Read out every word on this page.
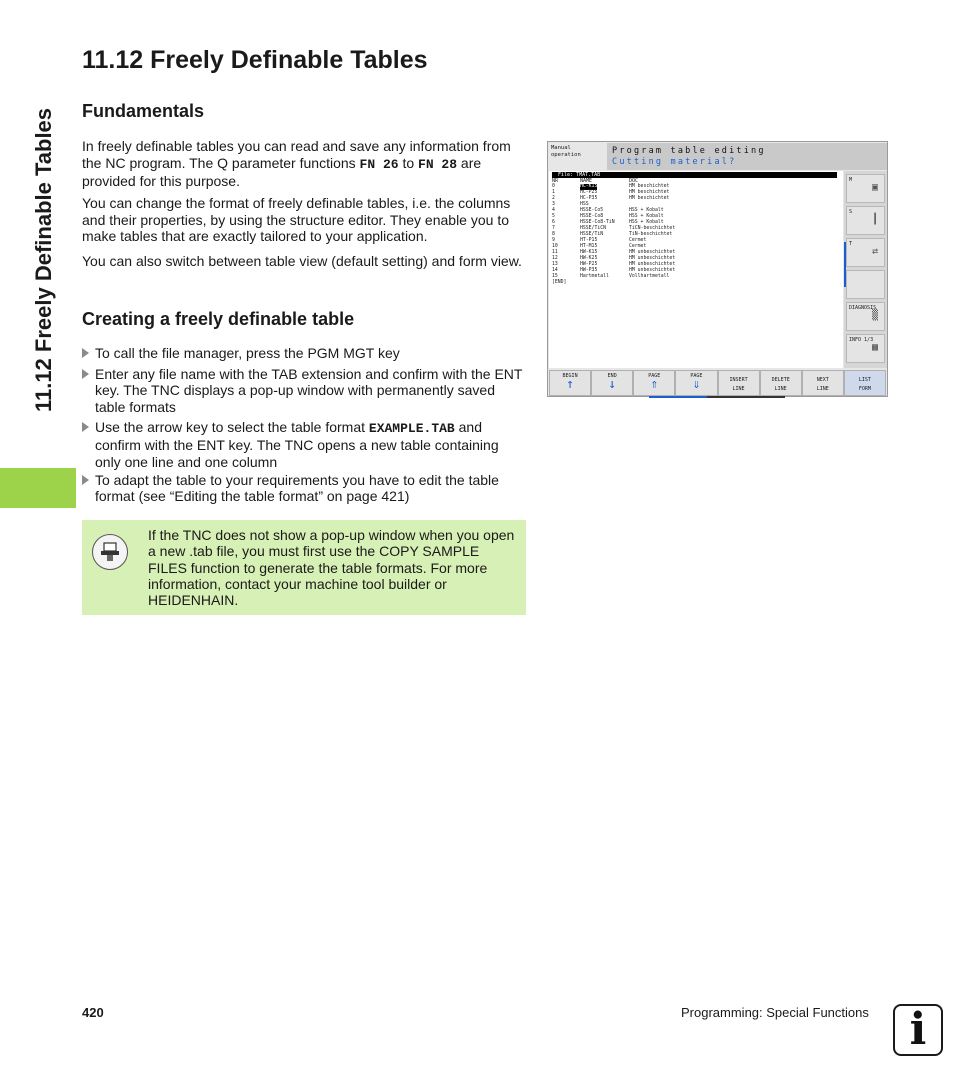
11.12 Freely Definable Tables
11.12 Freely Definable Tables
Fundamentals
In freely definable tables you can read and save any information from the NC program. The Q parameter functions FN 26 to FN 28 are provided for this purpose.
You can change the format of freely definable tables, i.e. the columns and their properties, by using the structure editor. They enable you to make tables that are exactly tailored to your application.
You can also switch between table view (default setting) and form view.
Creating a freely definable table
To call the file manager, press the PGM MGT key
Enter any file name with the TAB extension and confirm with the ENT key. The TNC displays a pop-up window with permanently saved table formats
Use the arrow key to select the table format EXAMPLE.TAB and confirm with the ENT key. The TNC opens a new table containing only one line and one column
To adapt the table to your requirements you have to edit the table format (see “Editing the table format” on page 421)
If the TNC does not show a pop-up window when you open a new .tab file, you must first use the COPY SAMPLE FILES function to generate the table formats. For more information, contact your machine tool builder or HEIDENHAIN.
Manual
operation	Program table editing
Cutting material?
File: TMAT.TAB
NR	NAME	DOC
0	HC-K15	HM beschichtet
1	HC-P25	HM beschichtet
2	HC-P35	HM beschichtet
3	HSS
4	HSSE-Co5	HSS + Kobalt
5	HSSE-Co8	HSS + Kobalt
6	HSSE-Co8-TiN	HSS + Kobalt
7	HSSE/TiCN	TiCN-beschichtet
8	HSSE/TiN	TiN-beschichtet
9	HT-P15	Cermet
10	HT-M15	Cermet
11	HW-K15	HM unbeschichtet
12	HW-K25	HM unbeschichtet
13	HW-P25	HM unbeschichtet
14	HW-P35	HM unbeschichtet
15	Hartmetall	Vollhartmetall
[END]
M
▣
S
┃
T
⇄
DIAGNOSIS
▒
INFO 1/3
▩
BEGIN
↑
END
↓
PAGE
⇑
PAGE
⇓	INSERT
LINE
DELETE
LINE
NEXT
LINE
LIST
FORM
420	Programming: Special Functions i
